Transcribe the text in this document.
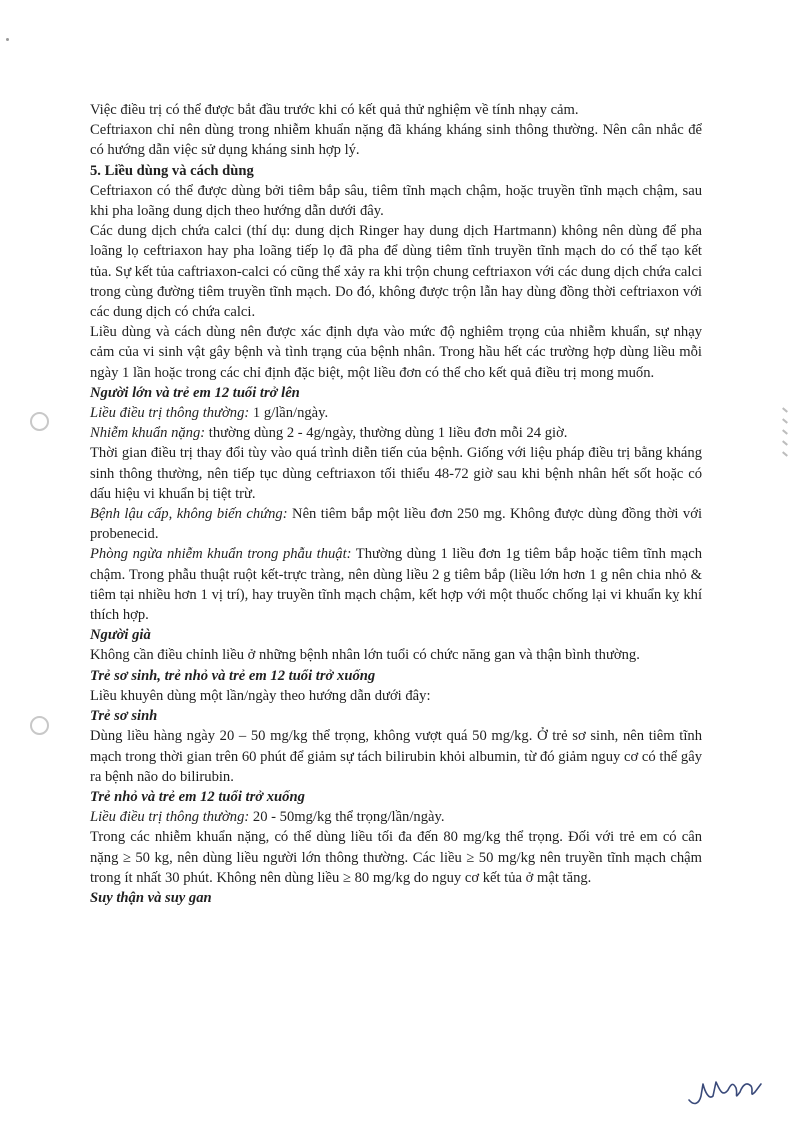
Việc điều trị có thể được bắt đầu trước khi có kết quả thử nghiệm về tính nhạy cảm.

Ceftriaxon chỉ nên dùng trong nhiễm khuẩn nặng đã kháng kháng sinh thông thường. Nên cân nhắc để có hướng dẫn việc sử dụng kháng sinh hợp lý.

5. Liều dùng và cách dùng

Ceftriaxon có thể được dùng bởi tiêm bắp sâu, tiêm tĩnh mạch chậm, hoặc truyền tĩnh mạch chậm, sau khi pha loãng dung dịch theo hướng dẫn dưới đây.

Các dung dịch chứa calci (thí dụ: dung dịch Ringer hay dung dịch Hartmann) không nên dùng để pha loãng lọ ceftriaxon hay pha loãng tiếp lọ đã pha để dùng tiêm tĩnh truyền tĩnh mạch do có thể tạo kết tủa. Sự kết tủa caftriaxon-calci có cũng thể xảy ra khi trộn chung ceftriaxon với các dung dịch chứa calci trong cùng đường tiêm truyền tĩnh mạch. Do đó, không được trộn lẫn hay dùng đồng thời ceftriaxon với các dung dịch có chứa calci.

Liều dùng và cách dùng nên được xác định dựa vào mức độ nghiêm trọng của nhiễm khuẩn, sự nhạy cảm của vi sinh vật gây bệnh và tình trạng của bệnh nhân. Trong hầu hết các trường hợp dùng liều mỗi ngày 1 lần hoặc trong các chỉ định đặc biệt, một liều đơn có thể cho kết quả điều trị mong muốn.

Người lớn và trẻ em 12 tuổi trở lên

Liều điều trị thông thường: 1 g/lần/ngày.

Nhiễm khuẩn nặng: thường dùng 2 - 4g/ngày, thường dùng 1 liều đơn mỗi 24 giờ.

Thời gian điều trị thay đổi tùy vào quá trình diễn tiến của bệnh. Giống với liệu pháp điều trị bằng kháng sinh thông thường, nên tiếp tục dùng ceftriaxon tối thiểu 48-72 giờ sau khi bệnh nhân hết sốt hoặc có dấu hiệu vi khuẩn bị tiệt trừ.

Bệnh lậu cấp, không biến chứng: Nên tiêm bắp một liều đơn 250 mg. Không được dùng đồng thời với probenecid.

Phòng ngừa nhiễm khuẩn trong phẫu thuật: Thường dùng 1 liều đơn 1g tiêm bắp hoặc tiêm tĩnh mạch chậm. Trong phẫu thuật ruột kết-trực tràng, nên dùng liều 2 g tiêm bắp (liều lớn hơn 1 g nên chia nhỏ & tiêm tại nhiều hơn 1 vị trí), hay truyền tĩnh mạch chậm, kết hợp với một thuốc chống lại vi khuẩn kỵ khí thích hợp.

Người già

Không cần điều chỉnh liều ở những bệnh nhân lớn tuổi có chức năng gan và thận bình thường.

Trẻ sơ sinh, trẻ nhỏ và trẻ em 12 tuổi trở xuống

Liều khuyên dùng một lần/ngày theo hướng dẫn dưới đây:

Trẻ sơ sinh

Dùng liều hàng ngày 20 – 50 mg/kg thể trọng, không vượt quá 50 mg/kg. Ở trẻ sơ sinh, nên tiêm tĩnh mạch trong thời gian trên 60 phút để giảm sự tách bilirubin khỏi albumin, từ đó giảm nguy cơ có thể gây ra bệnh não do bilirubin.

Trẻ nhỏ và trẻ em 12 tuổi trở xuống

Liều điều trị thông thường: 20 - 50mg/kg thể trọng/lần/ngày.

Trong các nhiễm khuẩn nặng, có thể dùng liều tối đa đến 80 mg/kg thể trọng. Đối với trẻ em có cân nặng ≥ 50 kg, nên dùng liều người lớn thông thường. Các liều ≥ 50 mg/kg nên truyền tĩnh mạch chậm trong ít nhất 30 phút. Không nên dùng liều ≥ 80 mg/kg do nguy cơ kết tủa ở mật tăng.

Suy thận và suy gan
